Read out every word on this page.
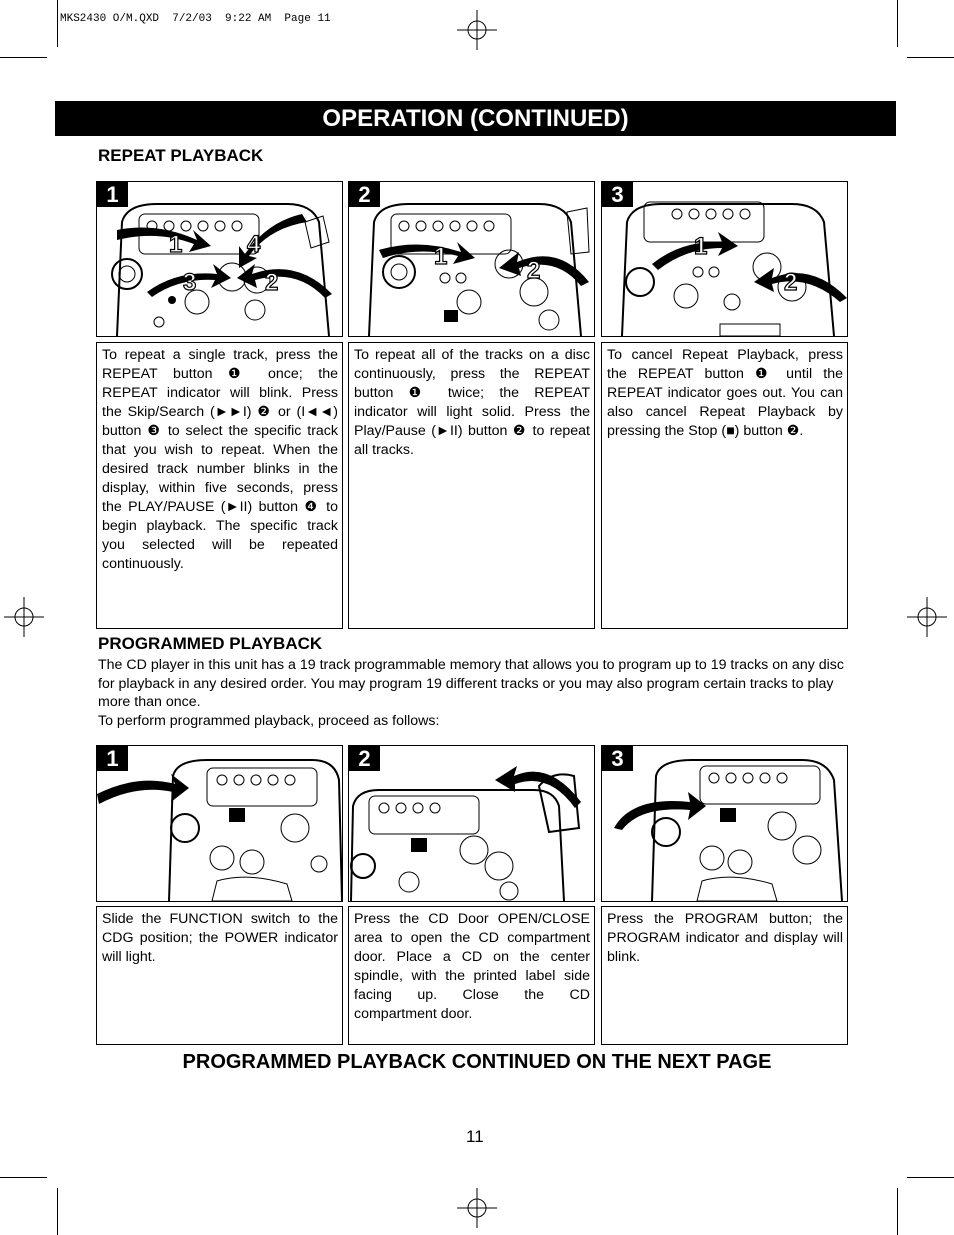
MKS2430 O/M.QXD  7/2/03  9:22 AM  Page 11
OPERATION (CONTINUED)
REPEAT PLAYBACK
1
2
3
4
1
1
2
2
1
2
3
To repeat a single track, press the REPEAT button ❶ once; the REPEAT indicator will blink. Press the Skip/Search (►►I) ❷ or (I◄◄) button ❸ to select the specific track that you wish to repeat. When the desired track number blinks in the display, within five seconds, press the PLAY/PAUSE (►II) button ❹ to begin playback. The specific track you selected will be repeated continuously.
To repeat all of the tracks on a disc continuously, press the REPEAT button ❶ twice; the REPEAT indicator will light solid. Press the Play/Pause (►II) button ❷ to repeat all tracks.
To cancel Repeat Playback, press the REPEAT button ❶ until the REPEAT indicator goes out. You can also cancel Repeat Playback by pressing the Stop (■) button ❷.
PROGRAMMED PLAYBACK

The CD player in this unit has a 19 track programmable memory that allows you to program up to 19 tracks on any disc for playback in any desired order. You may program 19 different tracks or you may also program certain tracks to play more than once.

To perform programmed playback, proceed as follows:

1	2	3
Slide the FUNCTION switch to the CDG position; the POWER indicator will light.
Press the CD Door OPEN/CLOSE area to open the CD compartment door. Place a CD on the center spindle, with the printed label side facing up. Close the CD compartment door.
Press the PROGRAM button; the PROGRAM indicator and display will blink.
PROGRAMMED PLAYBACK CONTINUED ON THE NEXT PAGE
11
